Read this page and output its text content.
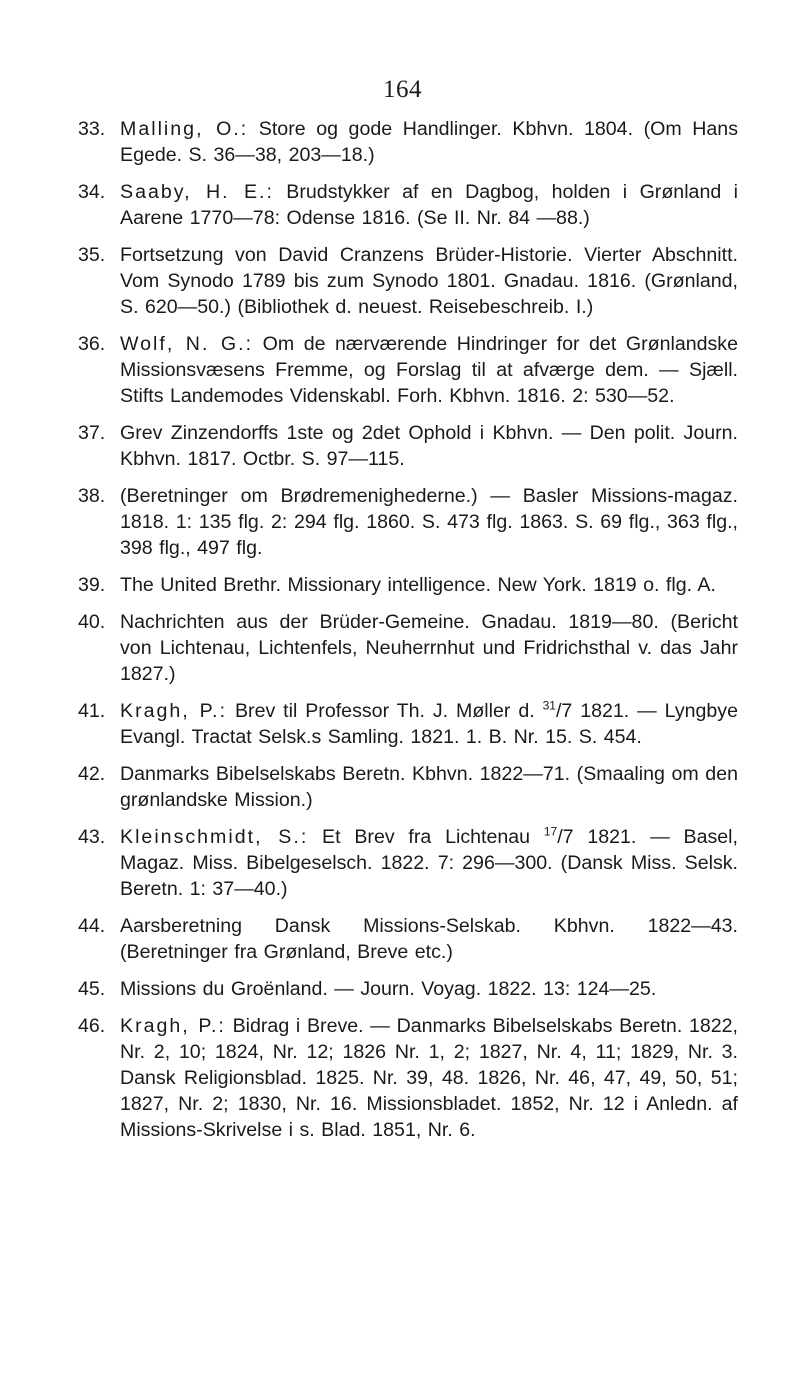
164
33. Malling, O.: Store og gode Handlinger. Kbhvn. 1804. (Om Hans Egede. S. 36—38, 203—18.)
34. Saaby, H. E.: Brudstykker af en Dagbog, holden i Grønland i Aarene 1770—78: Odense 1816. (Se II. Nr. 84 —88.)
35. Fortsetzung von David Cranzens Brüder-Historie. Vierter Abschnitt. Vom Synodo 1789 bis zum Synodo 1801. Gnadau. 1816. (Grønland, S. 620—50.) (Bibliothek d. neuest. Reisebeschreib. I.)
36. Wolf, N. G.: Om de nærværende Hindringer for det Grønlandske Missionsvæsens Fremme, og Forslag til at afværge dem. — Sjæll. Stifts Landemodes Videnskabl. Forh. Kbhvn. 1816. 2: 530—52.
37. Grev Zinzendorffs 1ste og 2det Ophold i Kbhvn. — Den polit. Journ. Kbhvn. 1817. Octbr. S. 97—115.
38. (Beretninger om Brødremenighederne.) — Basler Missions-magaz. 1818. 1: 135 flg. 2: 294 flg. 1860. S. 473 flg. 1863. S. 69 flg., 363 flg., 398 flg., 497 flg.
39. The United Brethr. Missionary intelligence. New York. 1819 o. flg. A.
40. Nachrichten aus der Brüder-Gemeine. Gnadau. 1819—80. (Bericht von Lichtenau, Lichtenfels, Neuherrnhut und Fridrichsthal v. das Jahr 1827.)
41. Kragh, P.: Brev til Professor Th. J. Møller d. $^{31}$/7 1821. — Lyngbye Evangl. Tractat Selsk.s Samling. 1821. 1. B. Nr. 15. S. 454.
42. Danmarks Bibelselskabs Beretn. Kbhvn. 1822—71. (Smaaling om den grønlandske Mission.)
43. Kleinschmidt, S.: Et Brev fra Lichtenau $^{17}$/7 1821. — Basel, Magaz. Miss. Bibelgeselsch. 1822. 7: 296—300. (Dansk Miss. Selsk. Beretn. 1: 37—40.)
44. Aarsberetning Dansk Missions-Selskab. Kbhvn. 1822—43. (Beretninger fra Grønland, Breve etc.)
45. Missions du Groënland. — Journ. Voyag. 1822. 13: 124—25.
46. Kragh, P.: Bidrag i Breve. — Danmarks Bibelselskabs Beretn. 1822, Nr. 2, 10; 1824, Nr. 12; 1826 Nr. 1, 2; 1827, Nr. 4, 11; 1829, Nr. 3. Dansk Religionsblad. 1825. Nr. 39, 48. 1826, Nr. 46, 47, 49, 50, 51; 1827, Nr. 2; 1830, Nr. 16. Missionsbladet. 1852, Nr. 12 i Anledn. af Missions-Skrivelse i s. Blad. 1851, Nr. 6.
